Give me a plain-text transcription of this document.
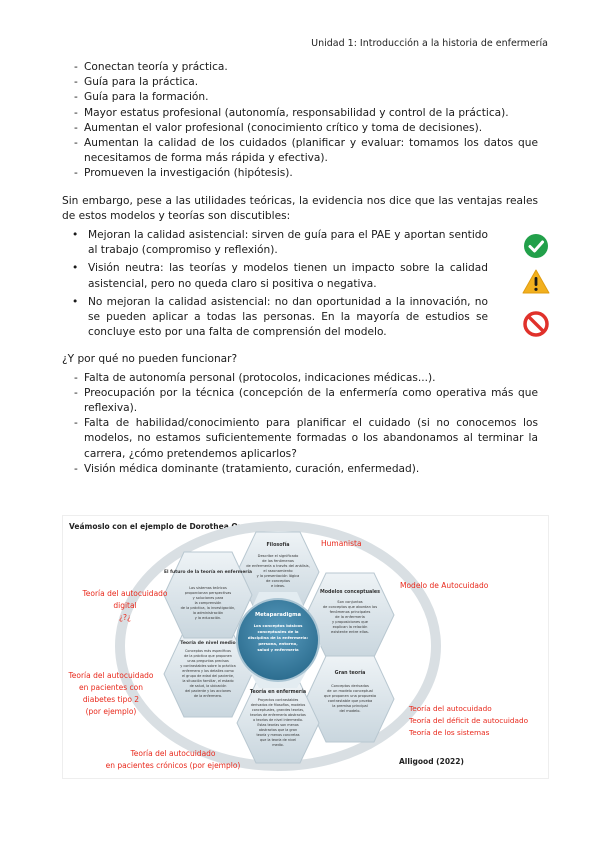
Unidad 1: Introducción a la historia de enfermería
- Conectan teoría y práctica.
- Guía para la práctica.
- Guía para la formación.
- Mayor estatus profesional (autonomía, responsabilidad y control de la práctica).
- Aumentan el valor profesional (conocimiento crítico y toma de decisiones).
- Aumentan la calidad de los cuidados (planificar y evaluar: tomamos los datos que necesitamos de forma más rápida y efectiva).
- Promueven la investigación (hipótesis).

Sin embargo, pese a las utilidades teóricas, la evidencia nos dice que las ventajas reales de estos modelos y teorías son discutibles:

• Mejoran la calidad asistencial: sirven de guía para el PAE y aportan sentido al trabajo (compromiso y reflexión).
• Visión neutra: las teorías y modelos tienen un impacto sobre la calidad asistencial, pero no queda claro si positiva o negativa.
• No mejoran la calidad asistencial: no dan oportunidad a la innovación, no se pueden aplicar a todas las personas. En la mayoría de estudios se concluye esto por una falta de comprensión del modelo.

¿Y por qué no pueden funcionar?

- Falta de autonomía personal (protocolos, indicaciones médicas...).
- Preocupación por la técnica (concepción de la enfermería como operativa más que reflexiva).
- Falta de habilidad/conocimiento para planificar el cuidado (si no conocemos los modelos, no estamos suficientemente formadas o los abandonamos al terminar la carrera, ¿cómo pretendemos aplicarlos?
- Visión médica dominante (tratamiento, curación, enfermedad).
Veámoslo con el ejemplo de Dorothea Orem....
Filosofía
Describe el significado
de los fenómenos
de enfermería a través del análisis,
el razonamiento
y la presentación lógica
de conceptos
e ideas.
Modelos conceptuales
Son conjuntos
de conceptos que abordan los
fenómenos principales
de la enfermería
y proposiciones que
explican la relación
existente entre ellos.
Gran teoría
Conceptos derivados
de un modelo conceptual
que proponen una propuesta
contrastable que prueba
la premisa principal
del modelo.
Teoría en enfermería
Proyectos contrastables
derivados de filosofías, modelos
conceptuales, grandes teorías,
teorías de enfermería abstractas
o teorías de nivel intermedio.
Estas teorías son menos
abstractas que la gran
teoría y menos concretas
que la teoría de nivel
medio.
Teoría de nivel medio
Conceptos más específicos
de la práctica que proponen
unas preguntas precisas
y contrastables sobre la práctica
enfermera y los detalles como
el grupo de edad del paciente,
la situación familiar, el estado
de salud, la ubicación
del paciente y las acciones
de la enfermera.
El futuro de la teoría en enfermería
Los sistemas teóricos
proporcionan perspectivas
y soluciones para
la comprensión
de la práctica, la investigación,
la administración
y la educación.	Metaparadigma
Los conceptos básicos
conceptuales de la
disciplina de la enfermería:
persona, entorno,
salud y enfermería
Humanista
Modelo de Autocuidado
Teoría del autocuidado
Teoría del déficit de autocuidado
Teoría de los sistemas
Teoría del autocuidado
digital
¿?¿
Teoría del autocuidado
en pacientes con
diabetes tipo 2
(por ejemplo)
Teoría del autocuidado
en pacientes crónicos (por ejemplo)	Alligood (2022)
